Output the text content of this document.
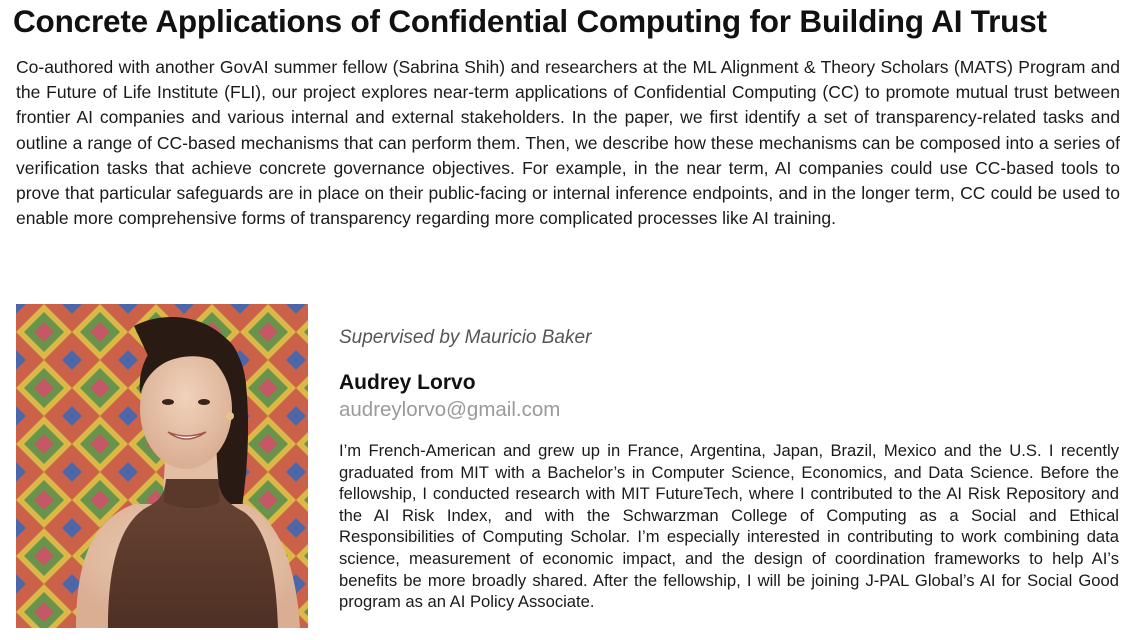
Concrete Applications of Confidential Computing for Building AI Trust

Co-authored with another GovAI summer fellow (Sabrina Shih) and researchers at the ML Alignment & Theory Scholars (MATS) Program and the Future of Life Institute (FLI), our project explores near-term applications of Confidential Computing (CC) to promote mutual trust between frontier AI companies and various internal and external stakeholders. In the paper, we first identify a set of transparency-related tasks and outline a range of CC-based mechanisms that can perform them. Then, we describe how these mechanisms can be composed into a series of verification tasks that achieve concrete governance objectives. For example, in the near term, AI companies could use CC-based tools to prove that particular safeguards are in place on their public-facing or internal inference endpoints, and in the longer term, CC could be used to enable more comprehensive forms of transparency regarding more complicated processes like AI training.

Supervised by Mauricio Baker

Audrey Lorvo
audreylorvo@gmail.com

I’m French-American and grew up in France, Argentina, Japan, Brazil, Mexico and the U.S. I recently graduated from MIT with a Bachelor’s in Computer Science, Economics, and Data Science. Before the fellowship, I conducted research with MIT FutureTech, where I contributed to the AI Risk Repository and the AI Risk Index, and with the Schwarzman College of Computing as a Social and Ethical Responsibilities of Computing Scholar. I’m especially interested in contributing to work combining data science, measurement of economic impact, and the design of coordination frameworks to help AI’s benefits be more broadly shared. After the fellowship, I will be joining J-PAL Global’s AI for Social Good program as an AI Policy Associate.
